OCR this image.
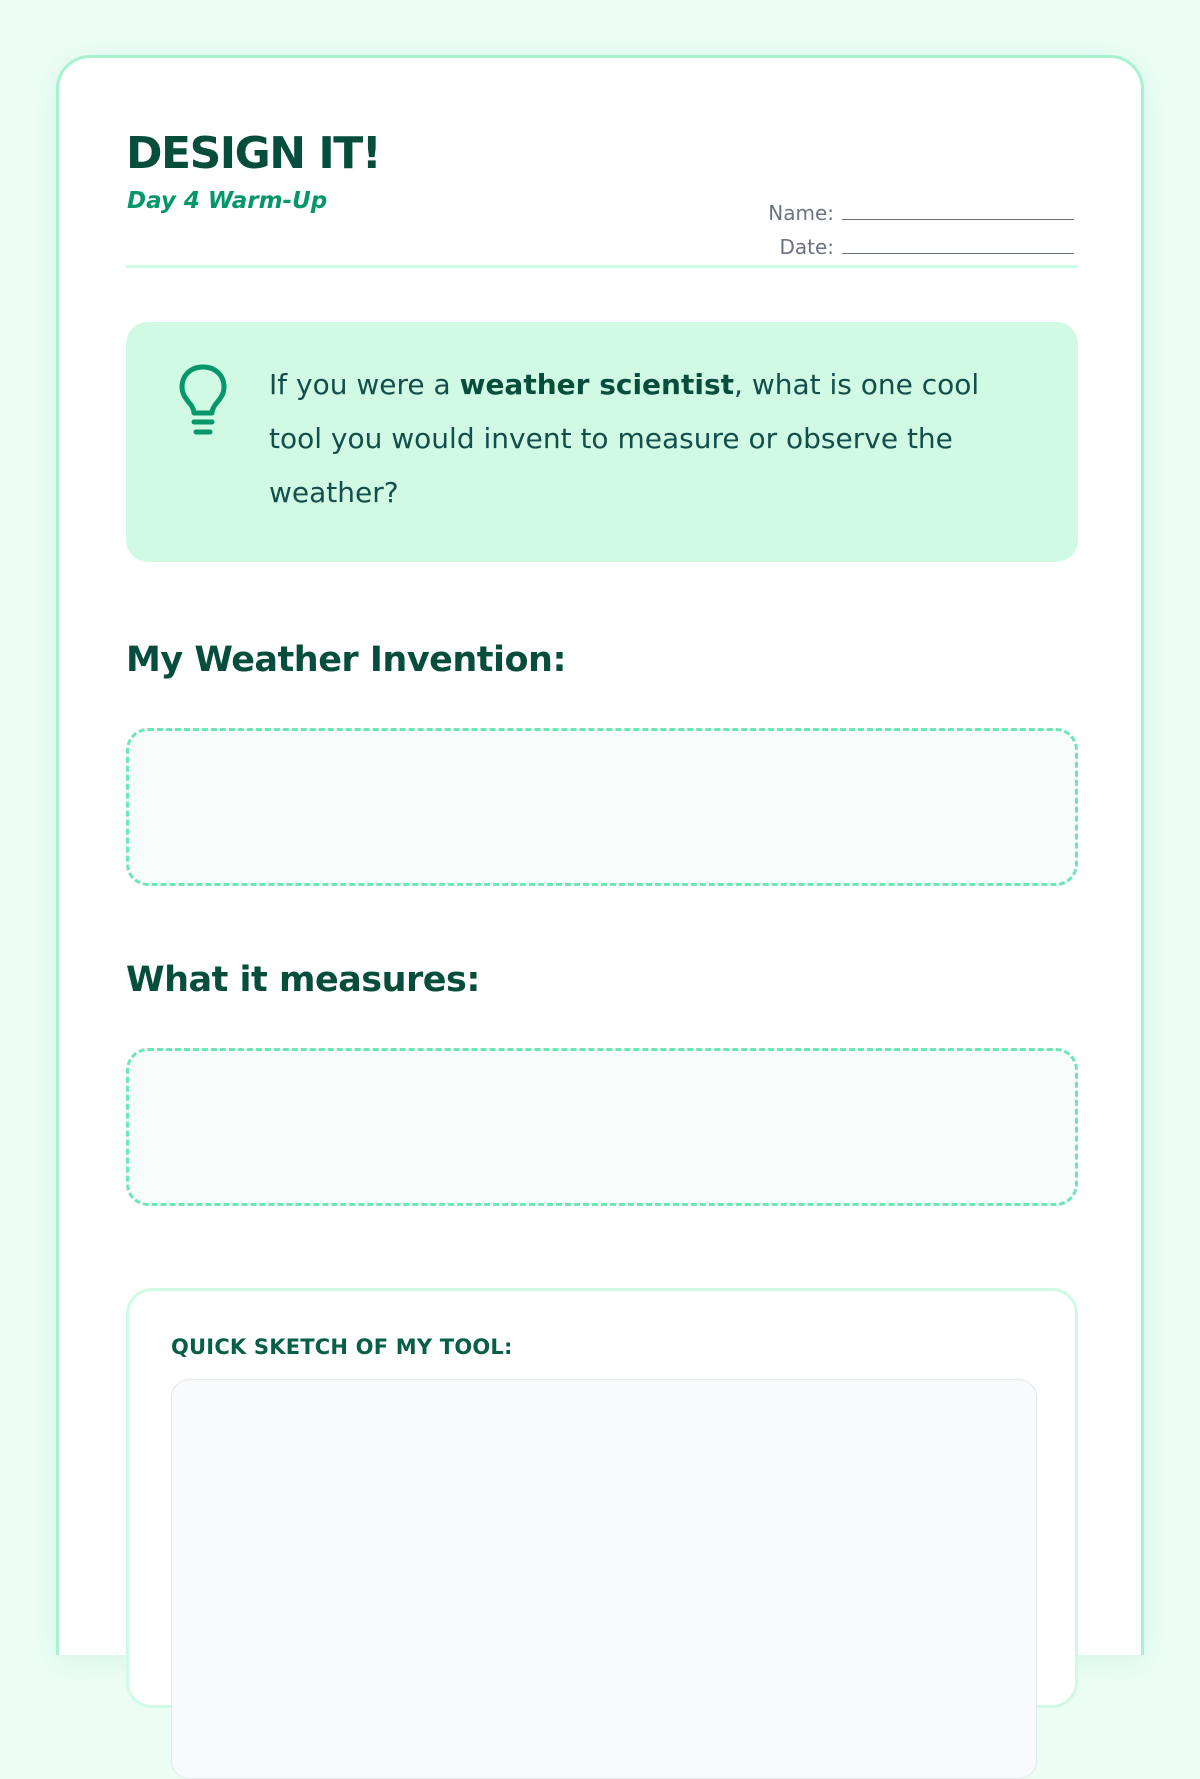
DESIGN IT!
Day 4 Warm-Up	Name:
Date:
If you were a weather scientist, what is one cool tool you would invent to measure or observe the weather?
My Weather Invention:
What it measures:
QUICK SKETCH OF MY TOOL:
